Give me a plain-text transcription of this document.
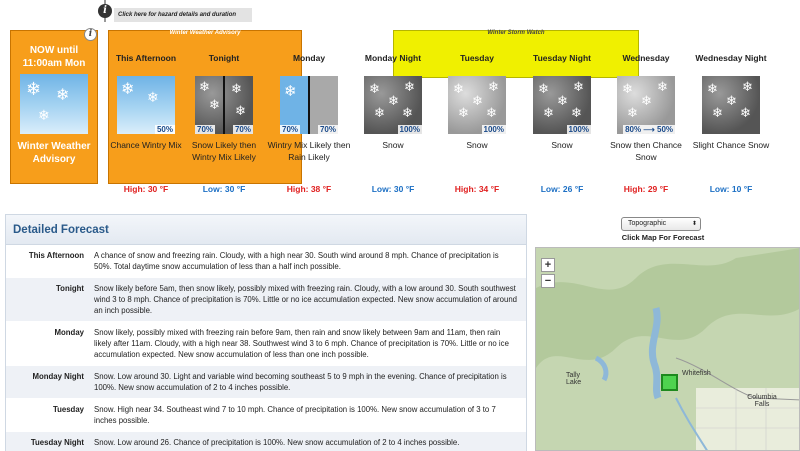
i	Click here for hazard details and duration
i
NOW until 11:00am Mon
❄ ❄
❄
Winter Weather Advisory
Winter Weather Advisory	Winter Storm Watch
This Afternoon
❄ ❄
50%
Chance Wintry Mix
High: 30 °F
Tonight
❄
❄
❄
❄
70%	70%
Snow Likely then Wintry Mix Likely
Low: 30 °F
Monday
❄
70%	70%
Wintry Mix Likely then Rain Likely
High: 38 °F
Monday Night
❄
❄
❄
❄ ❄
100%
Snow
Low: 30 °F
Tuesday
❄
❄
❄
❄ ❄
100%
Snow
High: 34 °F
Tuesday Night
❄
❄
❄
❄ ❄
100%
Snow
Low: 26 °F
Wednesday
❄
❄
❄
❄
80% ⟶ 50%
Snow then Chance Snow
High: 29 °F
Wednesday Night
❄
❄
❄
❄ ❄
Slight Chance Snow
Low: 10 °F
Detailed Forecast
This Afternoon	A chance of snow and freezing rain. Cloudy, with a high near 30. South wind around 8 mph. Chance of precipitation is 50%. Total daytime snow accumulation of less than a half inch possible.
Tonight	Snow likely before 5am, then snow likely, possibly mixed with freezing rain. Cloudy, with a low around 30. South southwest wind 3 to 8 mph. Chance of precipitation is 70%. Little or no ice accumulation expected. New snow accumulation of around an inch possible.
Monday	Snow likely, possibly mixed with freezing rain before 9am, then rain and snow likely between 9am and 11am, then rain likely after 11am. Cloudy, with a high near 38. Southwest wind 3 to 6 mph. Chance of precipitation is 70%. Little or no ice accumulation expected. New snow accumulation of less than one inch possible.
Monday Night	Snow. Low around 30. Light and variable wind becoming southeast 5 to 9 mph in the evening. Chance of precipitation is 100%. New snow accumulation of 2 to 4 inches possible.
Tuesday	Snow. High near 34. Southeast wind 7 to 10 mph. Chance of precipitation is 100%. New snow accumulation of 3 to 7 inches possible.
Tuesday Night	Snow. Low around 26. Chance of precipitation is 100%. New snow accumulation of 2 to 4 inches possible.
Topographic	⬍
Click Map For Forecast
+
−
Whitefish
Tally Lake
Columbia Falls
